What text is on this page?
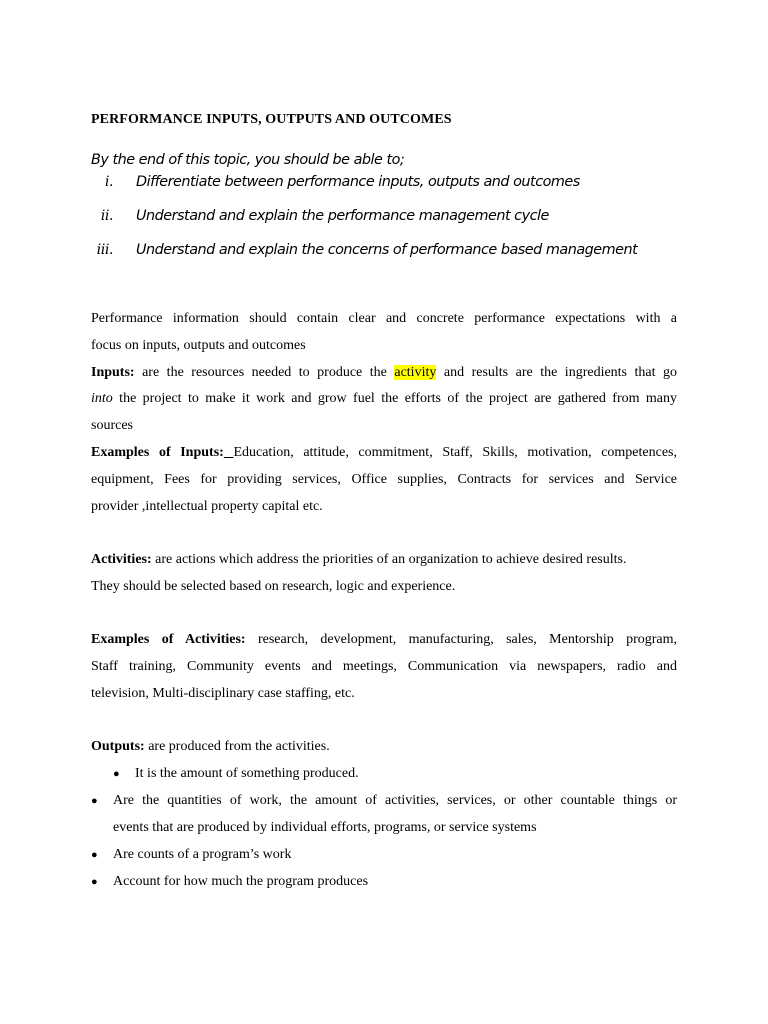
PERFORMANCE INPUTS, OUTPUTS AND OUTCOMES
By the end of this topic, you should be able to;
i. Differentiate between performance inputs, outputs and outcomes
ii. Understand and explain the performance management cycle
iii. Understand and explain the concerns of performance based management
Performance information should contain clear and concrete performance expectations with a
focus on inputs, outputs and outcomes
Inputs: are the resources needed to produce the activity and results are the ingredients that go
into the project to make it work and grow fuel the efforts of the project are gathered from many
sources
Examples of Inputs: Education, attitude, commitment, Staff, Skills, motivation, competences,
equipment, Fees for providing services, Office supplies, Contracts for services and Service
provider ,intellectual property capital etc.
Activities: are actions which address the priorities of an organization to achieve desired results.
They should be selected based on research, logic and experience.
Examples of Activities: research, development, manufacturing, sales, Mentorship program,
Staff training, Community events and meetings, Communication via newspapers, radio and
television, Multi-disciplinary case staffing, etc.
Outputs: are produced from the activities.
● It is the amount of something produced.
● Are the quantities of work, the amount of activities, services, or other countable things or
events that are produced by individual efforts, programs, or service systems
● Are counts of a program’s work
● Account for how much the program produces
